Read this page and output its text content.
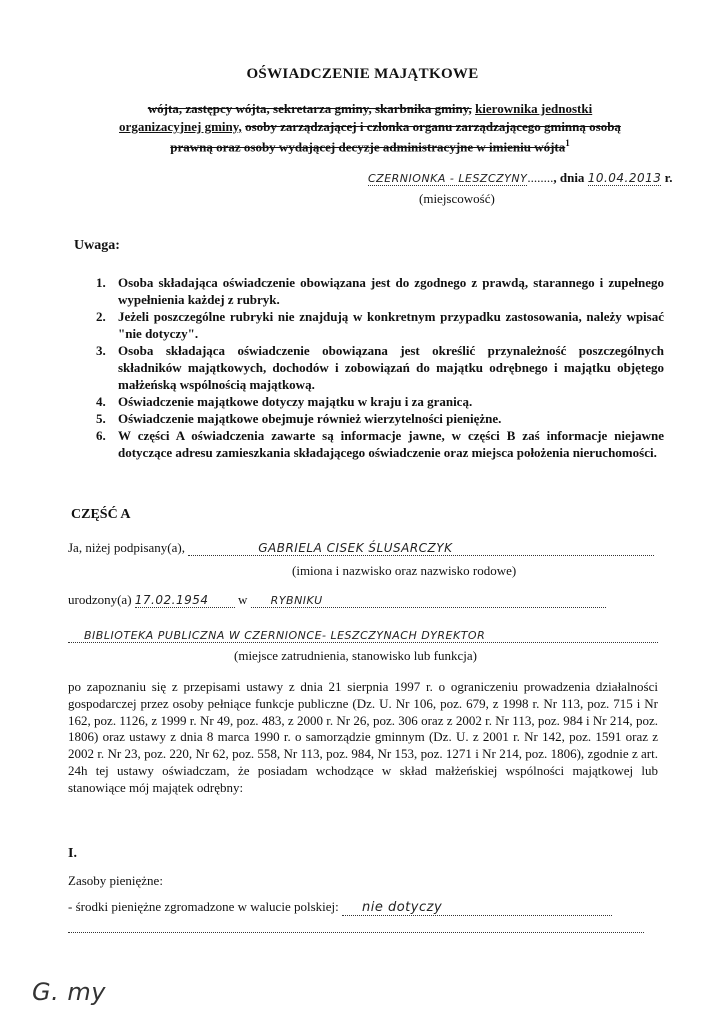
OŚWIADCZENIE MAJĄTKOWE
wójta, zastępcy wójta, sekretarza gminy, skarbnika gminy, kierownika jednostki
organizacyjnej gminy, osoby zarządzającej i członka organu zarządzającego gminną osobą
prawną oraz osoby wydającej decyzje administracyjne w imieniu wójta$^1$
CZERNIONKA - LESZCZYNY........, dnia 10.04.2013 r.
(miejscowość)
Uwaga:
1. Osoba składająca oświadczenie obowiązana jest do zgodnego z prawdą, starannego i zupełnego wypełnienia każdej z rubryk.
2. Jeżeli poszczególne rubryki nie znajdują w konkretnym przypadku zastosowania, należy wpisać "nie dotyczy".
3. Osoba składająca oświadczenie obowiązana jest określić przynależność poszczególnych składników majątkowych, dochodów i zobowiązań do majątku odrębnego i majątku objętego małżeńską wspólnością majątkową.
4. Oświadczenie majątkowe dotyczy majątku w kraju i za granicą.
5. Oświadczenie majątkowe obejmuje również wierzytelności pieniężne.
6. W części A oświadczenia zawarte są informacje jawne, w części B zaś informacje niejawne dotyczące adresu zamieszkania składającego oświadczenie oraz miejsca położenia nieruchomości.
CZĘŚĆ A
Ja, niżej podpisany(a),	GABRIELA CISEK ŚLUSARCZYK
(imiona i nazwisko oraz nazwisko rodowe)
urodzony(a) 17.02.1954 w RYBNIKU
BIBLIOTEKA PUBLICZNA W CZERNIONCE- LESZCZYNACH DYREKTOR
(miejsce zatrudnienia, stanowisko lub funkcja)
po zapoznaniu się z przepisami ustawy z dnia 21 sierpnia 1997 r. o ograniczeniu prowadzenia działalności gospodarczej przez osoby pełniące funkcje publiczne (Dz. U. Nr 106, poz. 679, z 1998 r. Nr 113, poz. 715 i Nr 162, poz. 1126, z 1999 r. Nr 49, poz. 483, z 2000 r. Nr 26, poz. 306 oraz z 2002 r. Nr 113, poz. 984 i Nr 214, poz. 1806) oraz ustawy z dnia 8 marca 1990 r. o samorządzie gminnym (Dz. U. z 2001 r. Nr 142, poz. 1591 oraz z 2002 r. Nr 23, poz. 220, Nr 62, poz. 558, Nr 113, poz. 984, Nr 153, poz. 1271 i Nr 214, poz. 1806), zgodnie z art. 24h tej ustawy oświadczam, że posiadam wchodzące w skład małżeńskiej wspólności majątkowej lub stanowiące mój majątek odrębny:
I.
Zasoby pieniężne:
- środki pieniężne zgromadzone w walucie polskiej: nie dotyczy
G. my
